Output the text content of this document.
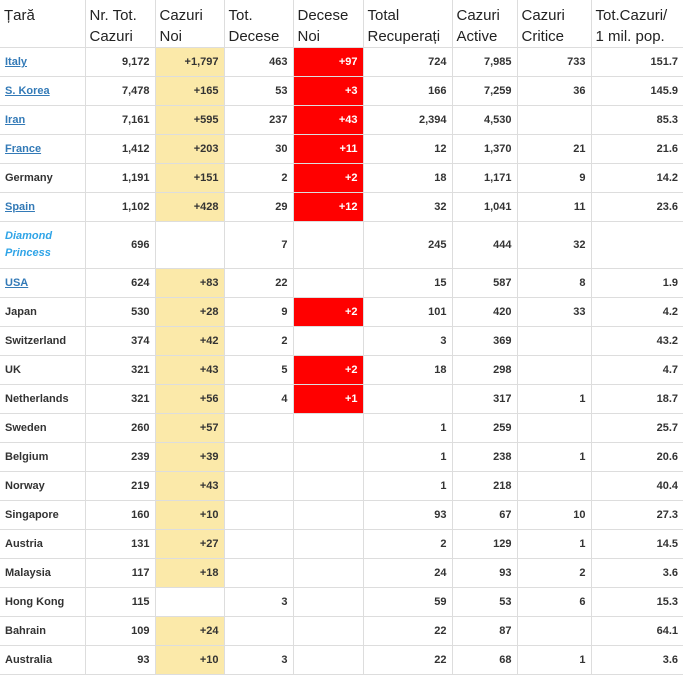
Țară	Nr. Tot. Cazuri	Cazuri Noi	Tot. Decese	Decese Noi	Total Recuperați	Cazuri Active	Cazuri Critice	Tot.Cazuri/ 1 mil. pop.
Italy	9,172	+1,797	463	+97	724	7,985	733	151.7
S. Korea	7,478	+165	53	+3	166	7,259	36	145.9
Iran	7,161	+595	237	+43	2,394	4,530		85.3
France	1,412	+203	30	+11	12	1,370	21	21.6
Germany	1,191	+151	2	+2	18	1,171	9	14.2
Spain	1,102	+428	29	+12	32	1,041	11	23.6

Diamond Princess	696		7		245	444	32	
USA	624	+83	22		15	587	8	1.9
Japan	530	+28	9	+2	101	420	33	4.2
Switzerland	374	+42	2		3	369		43.2
UK	321	+43	5	+2	18	298		4.7
Netherlands	321	+56	4	+1		317	1	18.7
Sweden	260	+57			1	259		25.7
Belgium	239	+39			1	238	1	20.6
Norway	219	+43			1	218		40.4
Singapore	160	+10			93	67	10	27.3
Austria	131	+27			2	129	1	14.5
Malaysia	117	+18			24	93	2	3.6
Hong Kong	115		3		59	53	6	15.3
Bahrain	109	+24			22	87		64.1
Australia	93	+10	3		22	68	1	3.6
